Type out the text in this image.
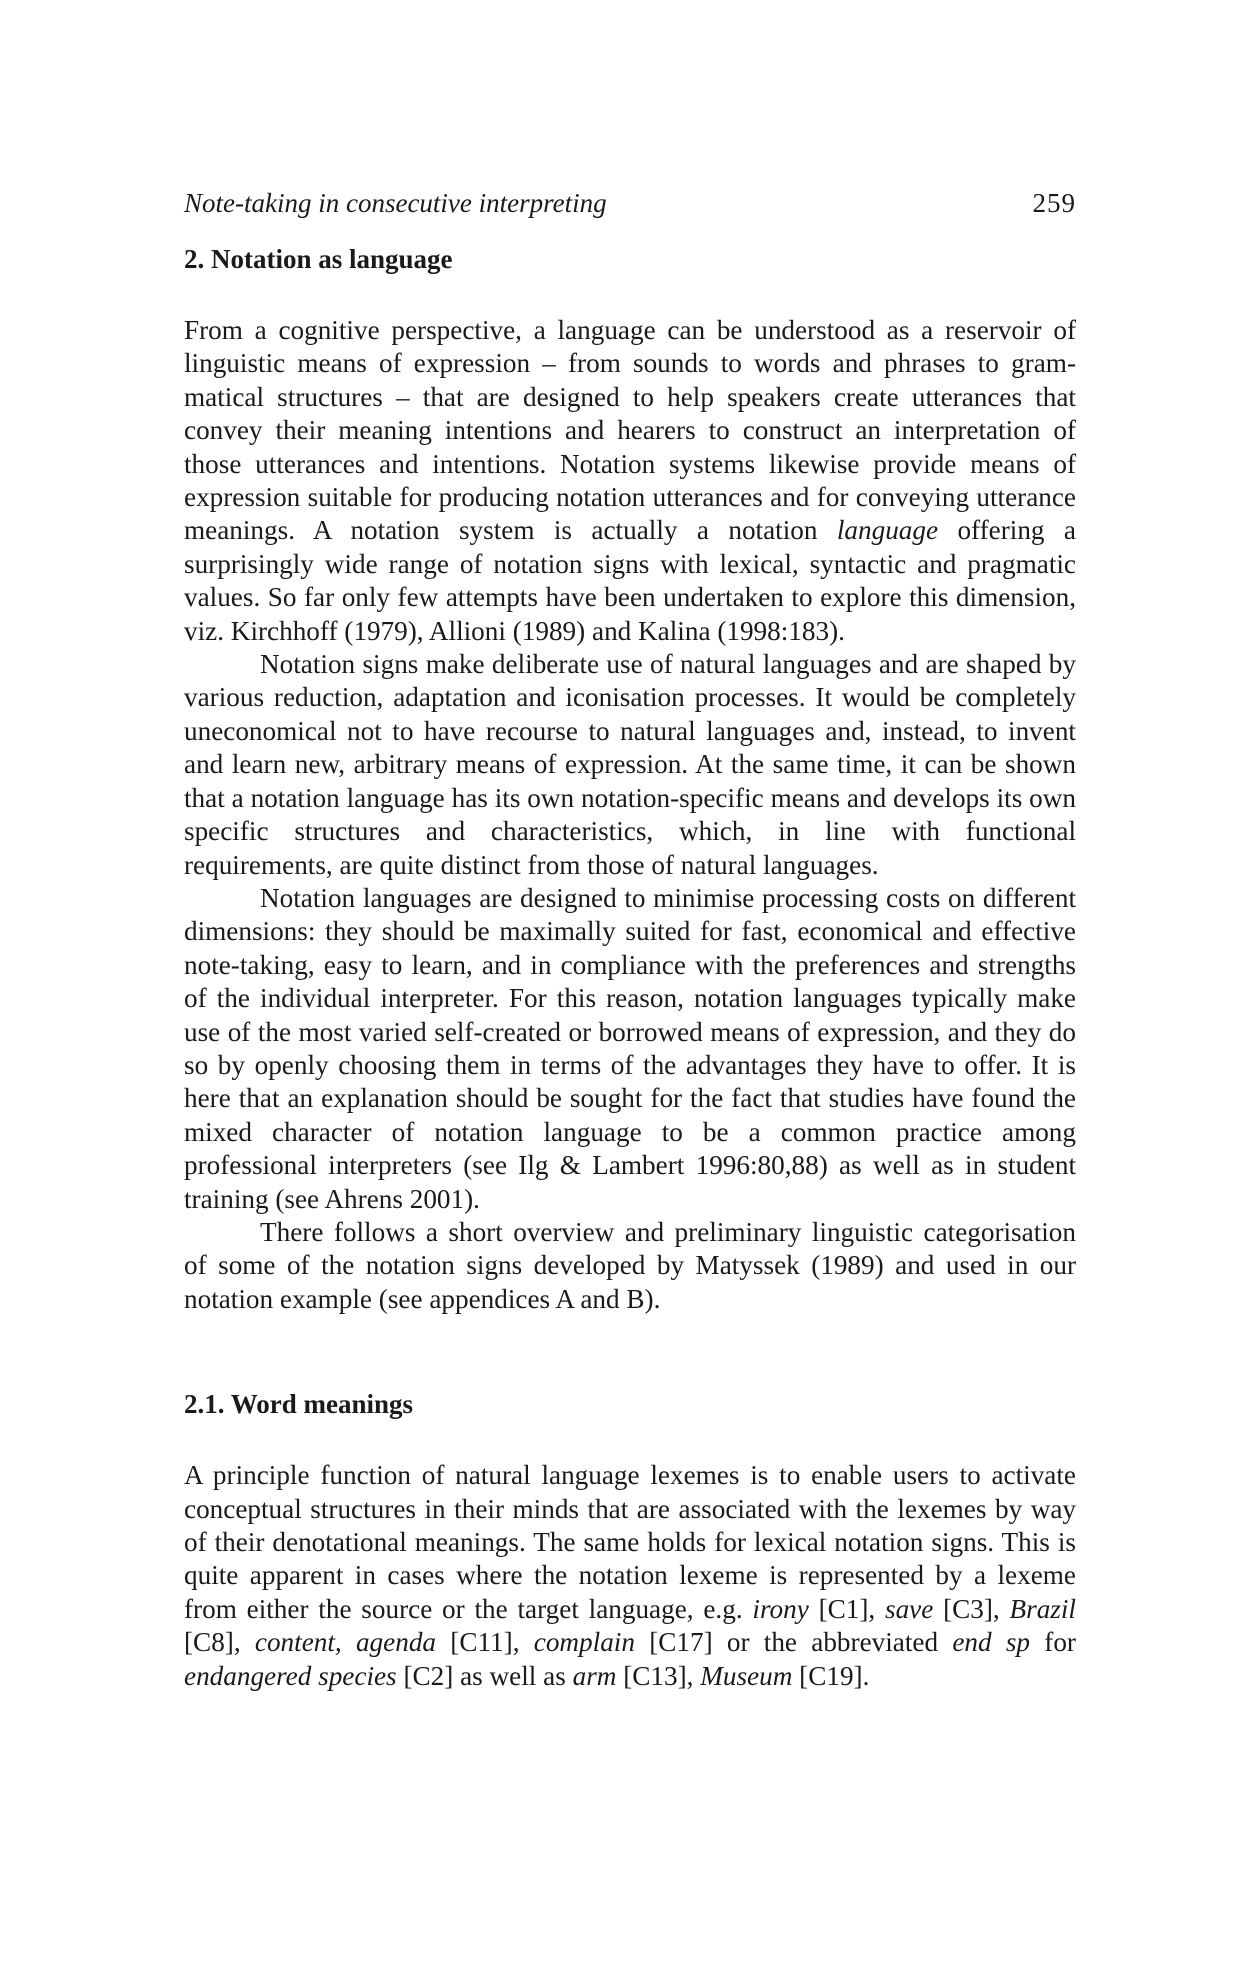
Note-taking in consecutive interpreting	259
2. Notation as language

From a cognitive perspective, a language can be understood as a reservoir of linguistic means of expression – from sounds to words and phrases to grammatical structures – that are designed to help speakers create utterances that convey their meaning intentions and hearers to construct an interpretation of those utterances and intentions. Notation systems likewise provide means of expression suitable for producing notation utterances and for conveying utterance meanings. A notation system is actually a notation language offering a surprisingly wide range of notation signs with lexical, syntactic and pragmatic values. So far only few attempts have been undertaken to explore this dimension, viz. Kirchhoff (1979), Allioni (1989) and Kalina (1998:183).

Notation signs make deliberate use of natural languages and are shaped by various reduction, adaptation and iconisation processes. It would be completely uneconomical not to have recourse to natural languages and, instead, to invent and learn new, arbitrary means of expression. At the same time, it can be shown that a notation language has its own notation-specific means and develops its own specific structures and characteristics, which, in line with functional requirements, are quite distinct from those of natural languages.

Notation languages are designed to minimise processing costs on different dimensions: they should be maximally suited for fast, economical and effective note-taking, easy to learn, and in compliance with the preferences and strengths of the individual interpreter. For this reason, notation languages typically make use of the most varied self-created or borrowed means of expression, and they do so by openly choosing them in terms of the advantages they have to offer. It is here that an explanation should be sought for the fact that studies have found the mixed character of notation language to be a common practice among professional interpreters (see Ilg & Lambert 1996:80,88) as well as in student training (see Ahrens 2001).

There follows a short overview and preliminary linguistic categorisation of some of the notation signs developed by Matyssek (1989) and used in our notation example (see appendices A and B).

2.1. Word meanings

A principle function of natural language lexemes is to enable users to activate conceptual structures in their minds that are associated with the lexemes by way of their denotational meanings. The same holds for lexical notation signs. This is quite apparent in cases where the notation lexeme is represented by a lexeme from either the source or the target language, e.g. irony [C1], save [C3], Brazil [C8], content, agenda [C11], complain [C17] or the abbreviated end sp for endangered species [C2] as well as arm [C13], Museum [C19].
